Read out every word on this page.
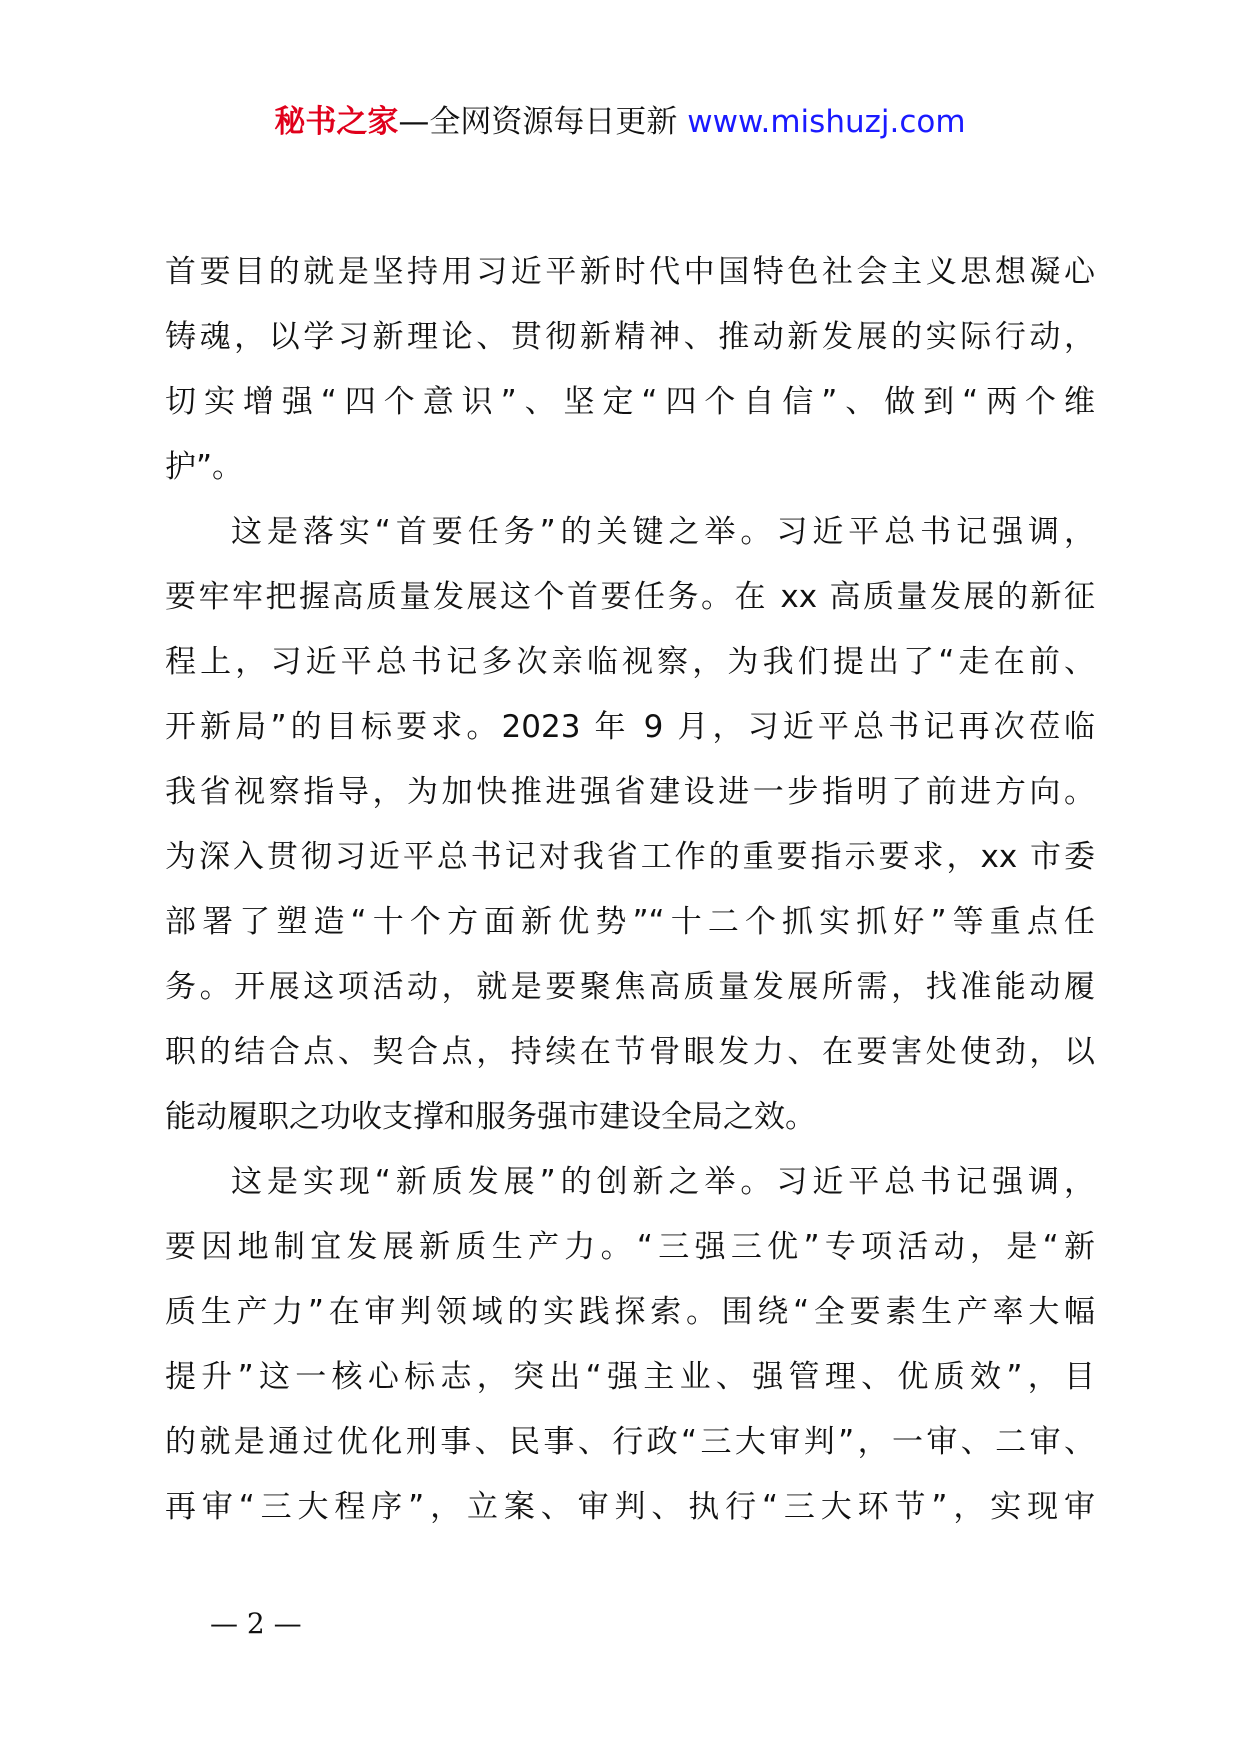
秘书之家—全网资源每日更新 www.mishuzj.com
首要目的就是坚持用习近平新时代中国特色社会主义思想凝心
铸魂，以学习新理论、贯彻新精神、推动新发展的实际行动，
切实增强“四个意识”、坚定“四个自信”、做到“两个维
护”。
这是落实“首要任务”的关键之举。习近平总书记强调，
要牢牢把握高质量发展这个首要任务。在 xx 高质量发展的新征
程上，习近平总书记多次亲临视察，为我们提出了“走在前、
开新局”的目标要求。2023 年 9 月，习近平总书记再次莅临
我省视察指导，为加快推进强省建设进一步指明了前进方向。
为深入贯彻习近平总书记对我省工作的重要指示要求，xx 市委
部署了塑造“十个方面新优势”“十二个抓实抓好”等重点任
务。开展这项活动，就是要聚焦高质量发展所需，找准能动履
职的结合点、契合点，持续在节骨眼发力、在要害处使劲，以
能动履职之功收支撑和服务强市建设全局之效。
这是实现“新质发展”的创新之举。习近平总书记强调，
要因地制宜发展新质生产力。“三强三优”专项活动，是“新
质生产力”在审判领域的实践探索。围绕“全要素生产率大幅
提升”这一核心标志，突出“强主业、强管理、优质效”，目
的就是通过优化刑事、民事、行政“三大审判”，一审、二审、
再审“三大程序”，立案、审判、执行“三大环节”，实现审
— 2 —
